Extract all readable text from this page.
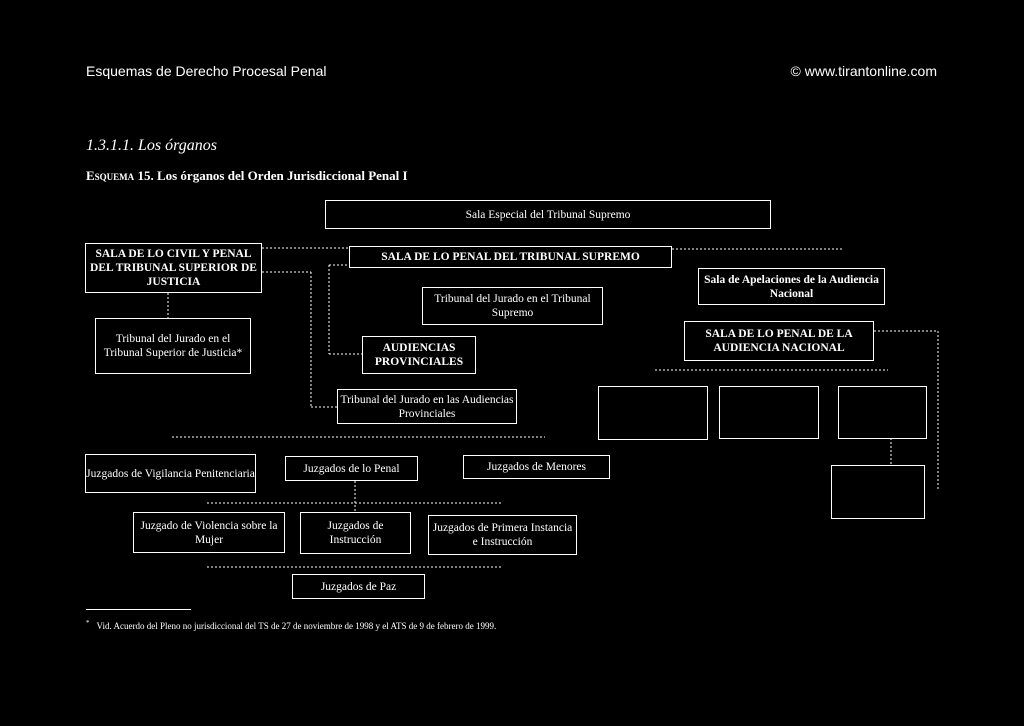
Esquemas de Derecho Procesal Penal	© www.tirantonline.com
1.3.1.1. Los órganos
Esquema 15. Los órganos del Orden Jurisdiccional Penal I
Sala Especial del Tribunal Supremo
SALA DE LO CIVIL Y PENAL DEL TRIBUNAL SUPERIOR DE JUSTICIA
SALA DE LO PENAL DEL TRIBUNAL SUPREMO
Sala de Apelaciones de la Audiencia Nacional
Tribunal del Jurado en el Tribunal Supremo
Tribunal del Jurado en el Tribunal Superior de Justicia*
SALA DE LO PENAL DE LA AUDIENCIA NACIONAL
AUDIENCIAS PROVINCIALES
Tribunal del Jurado en las Audiencias Provinciales
Juzgados de Vigilancia Penitenciaria	Juzgados de lo Penal	Juzgados de Menores
Juzgado de Violencia sobre la Mujer
Juzgados de Instrucción
Juzgados de Primera Instancia e Instrucción
Juzgados de Paz
* Vid. Acuerdo del Pleno no jurisdiccional del TS de 27 de noviembre de 1998 y el ATS de 9 de febrero de 1999.
